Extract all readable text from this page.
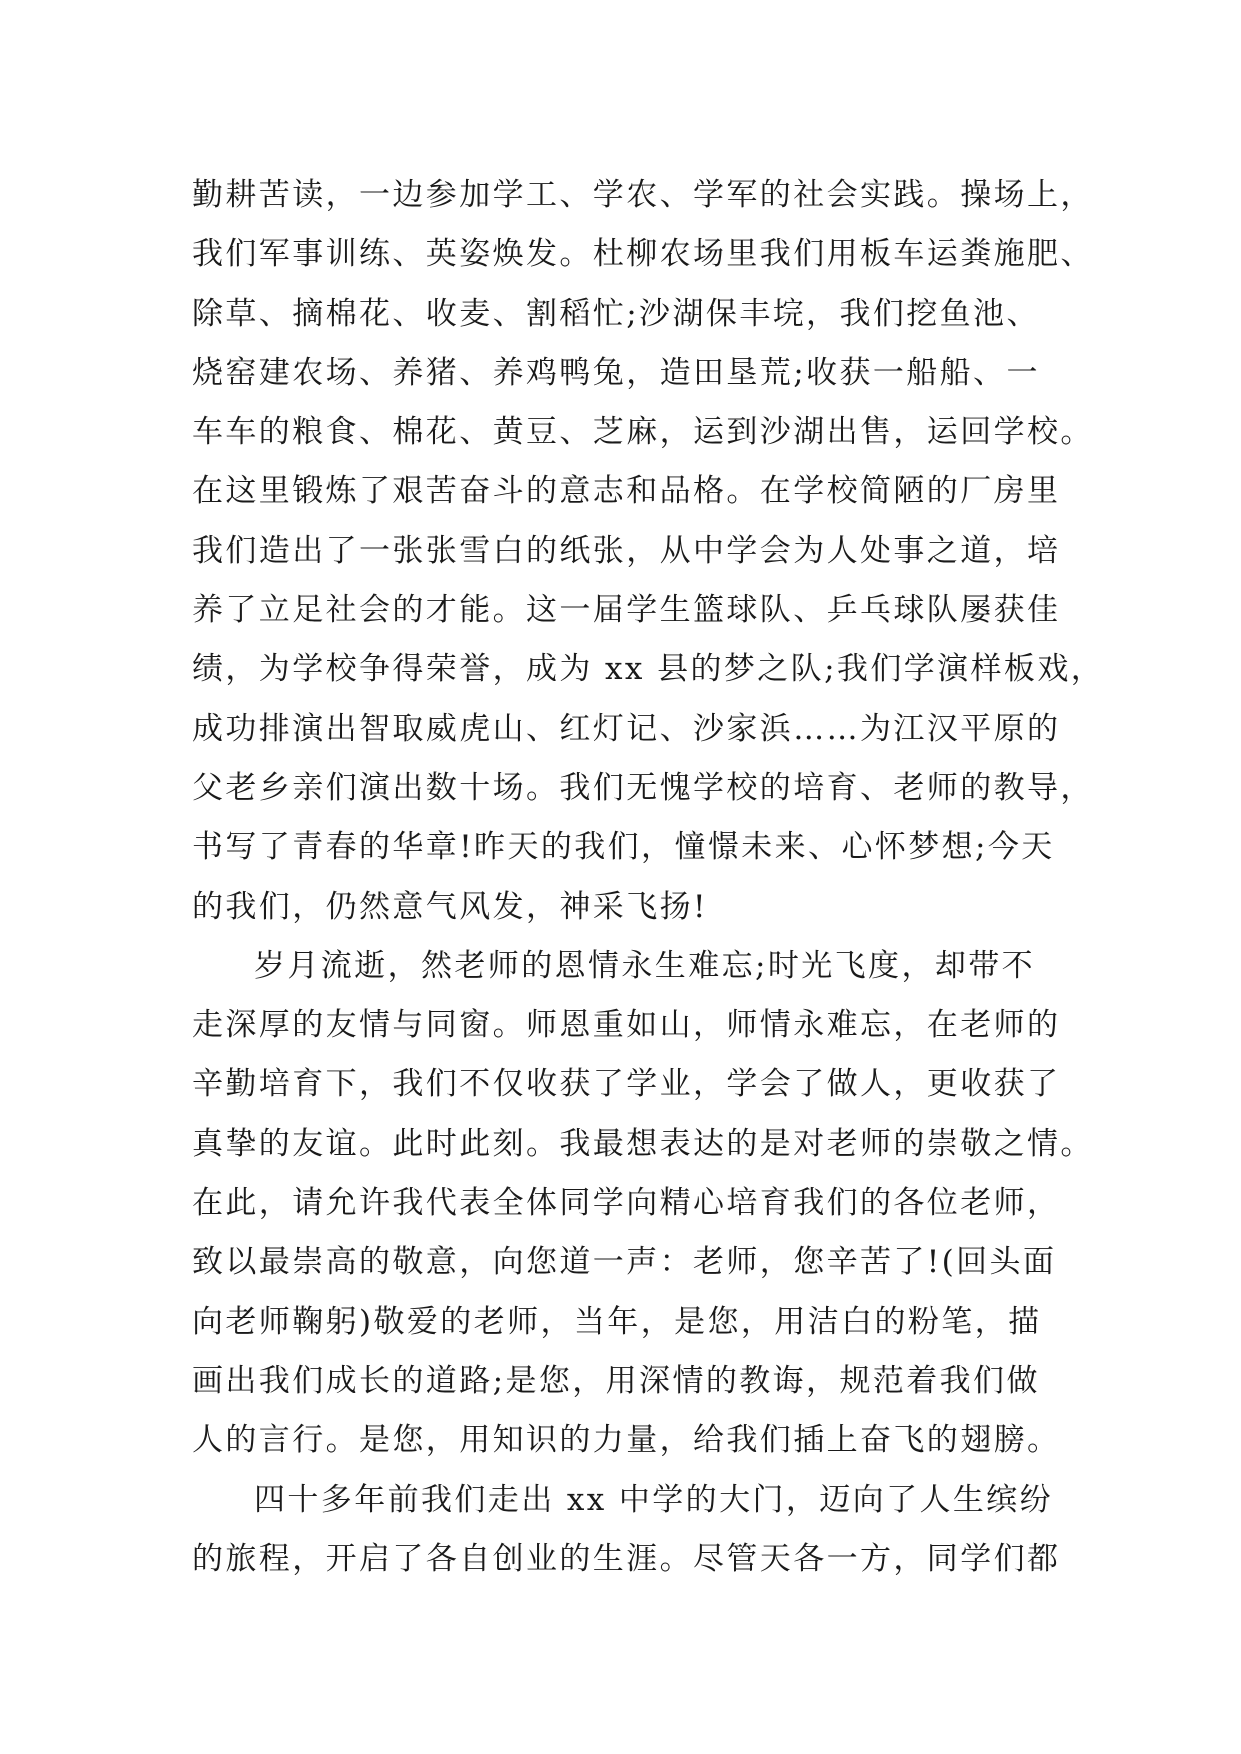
勤耕苦读，一边参加学工、学农、学军的社会实践。操场上，
我们军事训练、英姿焕发。杜柳农场里我们用板车运粪施肥、
除草、摘棉花、收麦、割稻忙;沙湖保丰垸，我们挖鱼池、
烧窑建农场、养猪、养鸡鸭兔，造田垦荒;收获一船船、一
车车的粮食、棉花、黄豆、芝麻，运到沙湖出售，运回学校。
在这里锻炼了艰苦奋斗的意志和品格。在学校简陋的厂房里
我们造出了一张张雪白的纸张，从中学会为人处事之道，培
养了立足社会的才能。这一届学生篮球队、乒乓球队屡获佳
绩，为学校争得荣誉，成为 xx 县的梦之队;我们学演样板戏，
成功排演出智取威虎山、红灯记、沙家浜……为江汉平原的
父老乡亲们演出数十场。我们无愧学校的培育、老师的教导，
书写了青春的华章!昨天的我们，憧憬未来、心怀梦想;今天
的我们，仍然意气风发，神采飞扬!
岁月流逝，然老师的恩情永生难忘;时光飞度，却带不
走深厚的友情与同窗。师恩重如山，师情永难忘，在老师的
辛勤培育下，我们不仅收获了学业，学会了做人，更收获了
真挚的友谊。此时此刻。我最想表达的是对老师的崇敬之情。
在此，请允许我代表全体同学向精心培育我们的各位老师，
致以最崇高的敬意，向您道一声：老师，您辛苦了!(回头面
向老师鞠躬)敬爱的老师，当年，是您，用洁白的粉笔，描
画出我们成长的道路;是您，用深情的教诲，规范着我们做
人的言行。是您，用知识的力量，给我们插上奋飞的翅膀。
四十多年前我们走出 xx 中学的大门，迈向了人生缤纷
的旅程，开启了各自创业的生涯。尽管天各一方，同学们都
